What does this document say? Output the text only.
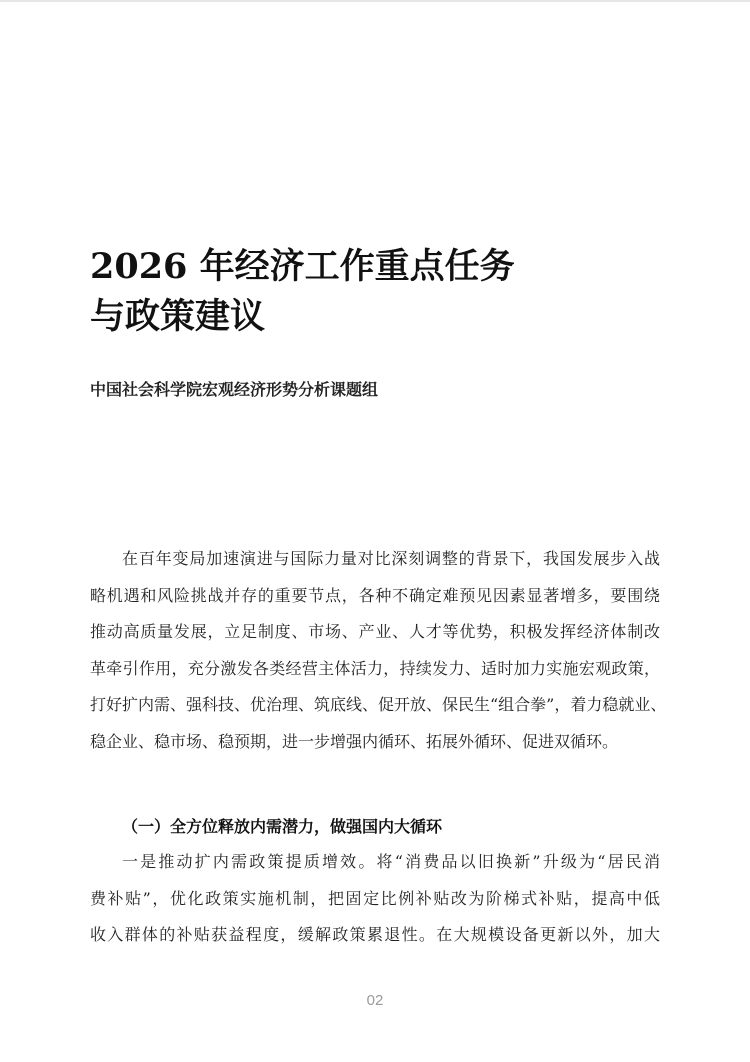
2026 年经济工作重点任务
与政策建议
中国社会科学院宏观经济形势分析课题组
在百年变局加速演进与国际力量对比深刻调整的背景下，我国发展步入战
略机遇和风险挑战并存的重要节点，各种不确定难预见因素显著增多，要围绕
推动高质量发展，立足制度、市场、产业、人才等优势，积极发挥经济体制改
革牵引作用，充分激发各类经营主体活力，持续发力、适时加力实施宏观政策，
打好扩内需、强科技、优治理、筑底线、促开放、保民生“组合拳”，着力稳就业、
稳企业、稳市场、稳预期，进一步增强内循环、拓展外循环、促进双循环。
（一）全方位释放内需潜力，做强国内大循环
一是推动扩内需政策提质增效。将“消费品以旧换新”升级为“居民消
费补贴”，优化政策实施机制，把固定比例补贴改为阶梯式补贴，提高中低
收入群体的补贴获益程度，缓解政策累退性。在大规模设备更新以外，加大
02
